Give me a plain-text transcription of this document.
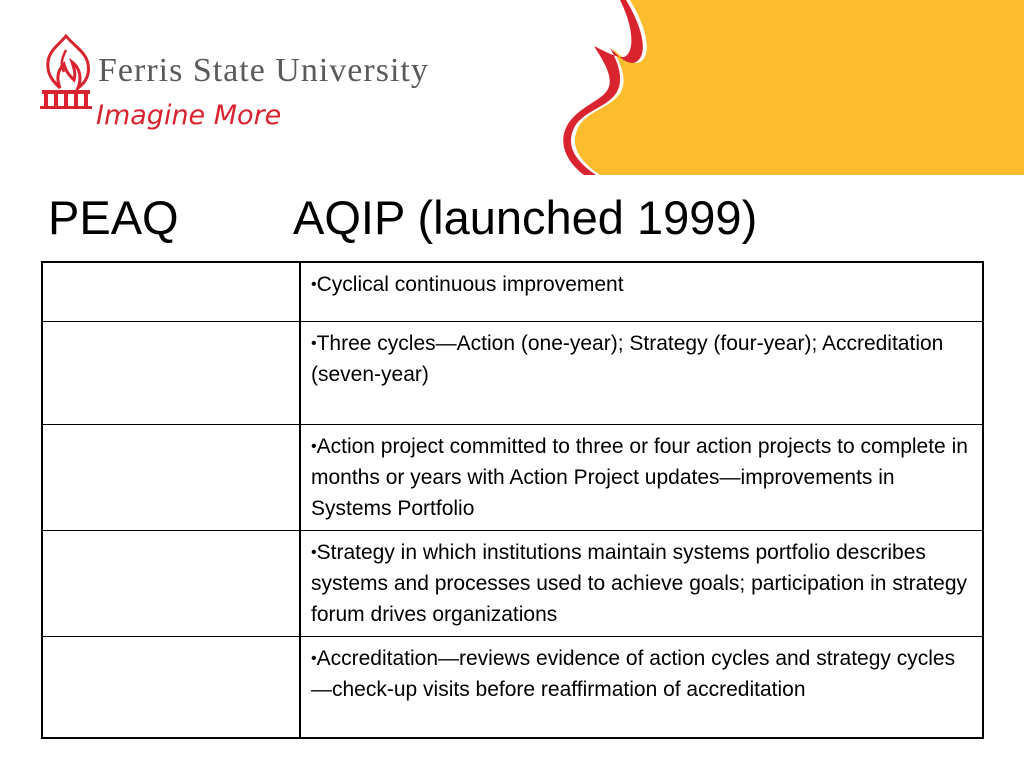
Ferris State University
Imagine More
PEAQ AQIP (launched 1999)
	•Cyclical continuous improvement
	•Three cycles—Action (one-year); Strategy (four-year); Accreditation (seven-year)
	•Action project committed to three or four action projects to complete in months or years with Action Project updates—improvements in Systems Portfolio
	•Strategy in which institutions maintain systems portfolio describes systems and processes used to achieve goals; participation in strategy forum drives organizations
	•Accreditation—reviews evidence of action cycles and strategy cycles—check-up visits before reaffirmation of accreditation
